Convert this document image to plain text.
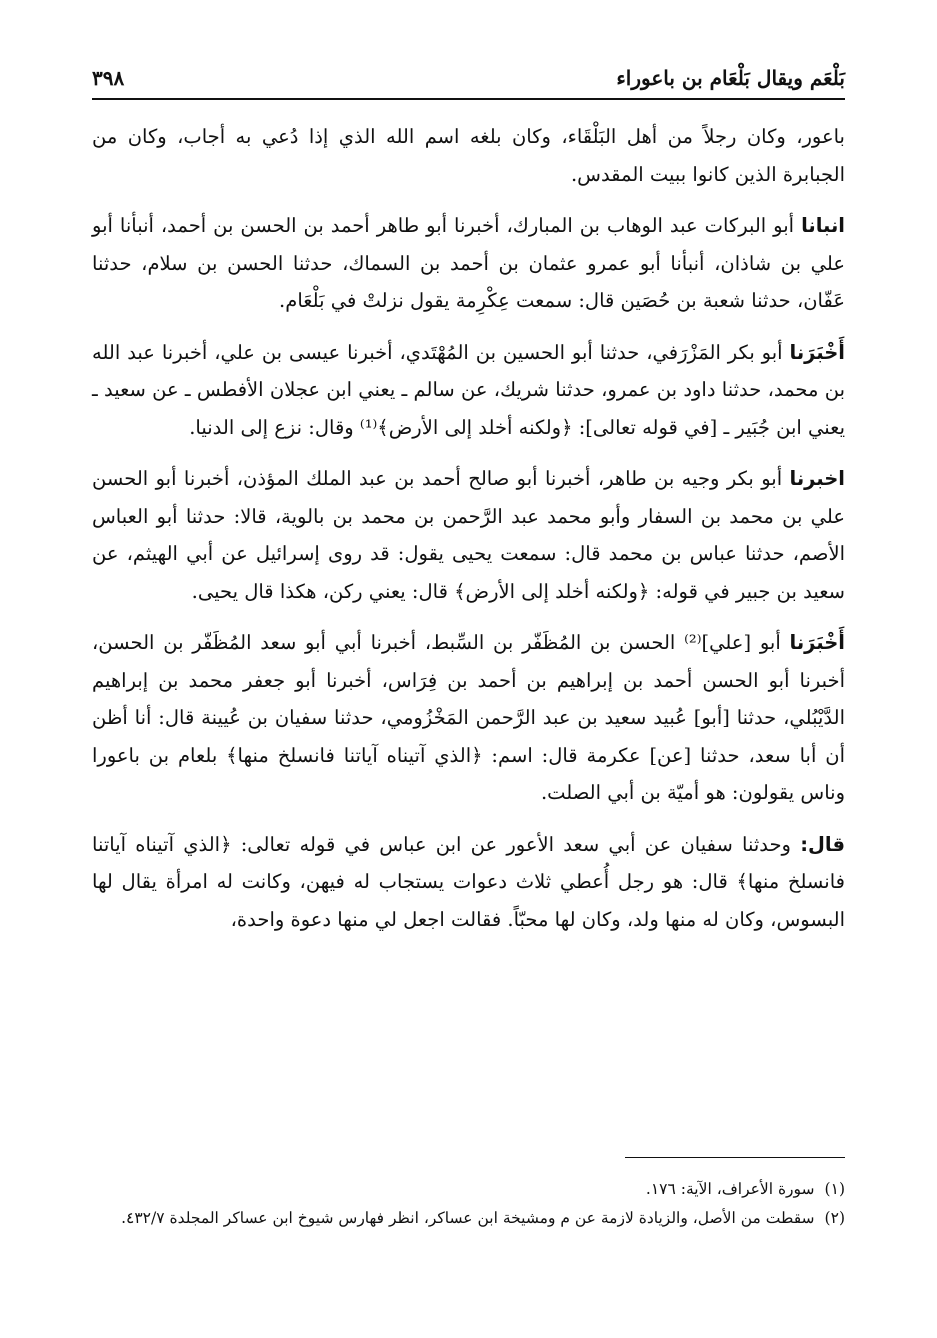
بَلْعَم ويقال بَلْعَام بن باعوراء
٣٩٨

باعور، وكان رجلاً من أهل البَلْقَاء، وكان بلغه اسم الله الذي إذا دُعي به أجاب، وكان من الجبابرة الذين كانوا ببيت المقدس.

انبانا أبو البركات عبد الوهاب بن المبارك، أخبرنا أبو طاهر أحمد بن الحسن بن أحمد، أنبأنا أبو علي بن شاذان، أنبأنا أبو عمرو عثمان بن أحمد بن السماك، حدثنا الحسن بن سلام، حدثنا عَفّان، حدثنا شعبة بن حُصَين قال: سمعت عِكْرِمة يقول نزلتْ في بَلْعَام.

أَخْبَرَنا أبو بكر المَزْرَفي، حدثنا أبو الحسين بن المُهْتَدي، أخبرنا عيسى بن علي، أخبرنا عبد الله بن محمد، حدثنا داود بن عمرو، حدثنا شريك، عن سالم ـ يعني ابن عجلان الأفطس ـ عن سعيد ـ يعني ابن جُبَير ـ [في قوله تعالى]: ﴿ولكنه أخلد إلى الأرض﴾⁽¹⁾ وقال: نزع إلى الدنيا.

اخبرنا أبو بكر وجيه بن طاهر، أخبرنا أبو صالح أحمد بن عبد الملك المؤذن، أخبرنا أبو الحسن علي بن محمد بن السفار وأبو محمد عبد الرَّحمن بن محمد بن بالوية، قالا: حدثنا أبو العباس الأصم، حدثنا عباس بن محمد قال: سمعت يحيى يقول: قد روى إسرائيل عن أبي الهيثم، عن سعيد بن جبير في قوله: ﴿ولكنه أخلد إلى الأرض﴾ قال: يعني ركن، هكذا قال يحيى.

أَخْبَرَنا أبو [علي]⁽²⁾ الحسن بن المُظَفّر بن السِّبط، أخبرنا أبي أبو سعد المُظَفّر بن الحسن، أخبرنا أبو الحسن أحمد بن إبراهيم بن أحمد بن فِرَاس، أخبرنا أبو جعفر محمد بن إبراهيم الدَّيْبُلي، حدثنا [أبو] عُبيد سعيد بن عبد الرَّحمن المَخْزُومي، حدثنا سفيان بن عُيينة قال: أنا أظن أن أبا سعد، حدثنا [عن] عكرمة قال: اسم: ﴿الذي آتيناه آياتنا فانسلخ منها﴾ بلعام بن باعورا وناس يقولون: هو أميّة بن أبي الصلت.

قال: وحدثنا سفيان عن أبي سعد الأعور عن ابن عباس في قوله تعالى: ﴿الذي آتيناه آياتنا فانسلخ منها﴾ قال: هو رجل أُعطي ثلاث دعوات يستجاب له فيهن، وكانت له امرأة يقال لها البسوس، وكان له منها ولد، وكان لها محبّاً. فقالت اجعل لي منها دعوة واحدة،

(١)
سورة الأعراف، الآية: ١٧٦.
(٢)
سقطت من الأصل، والزيادة لازمة عن م ومشيخة ابن عساكر، انظر فهارس شيوخ ابن عساكر المجلدة ٤٣٢/٧.
